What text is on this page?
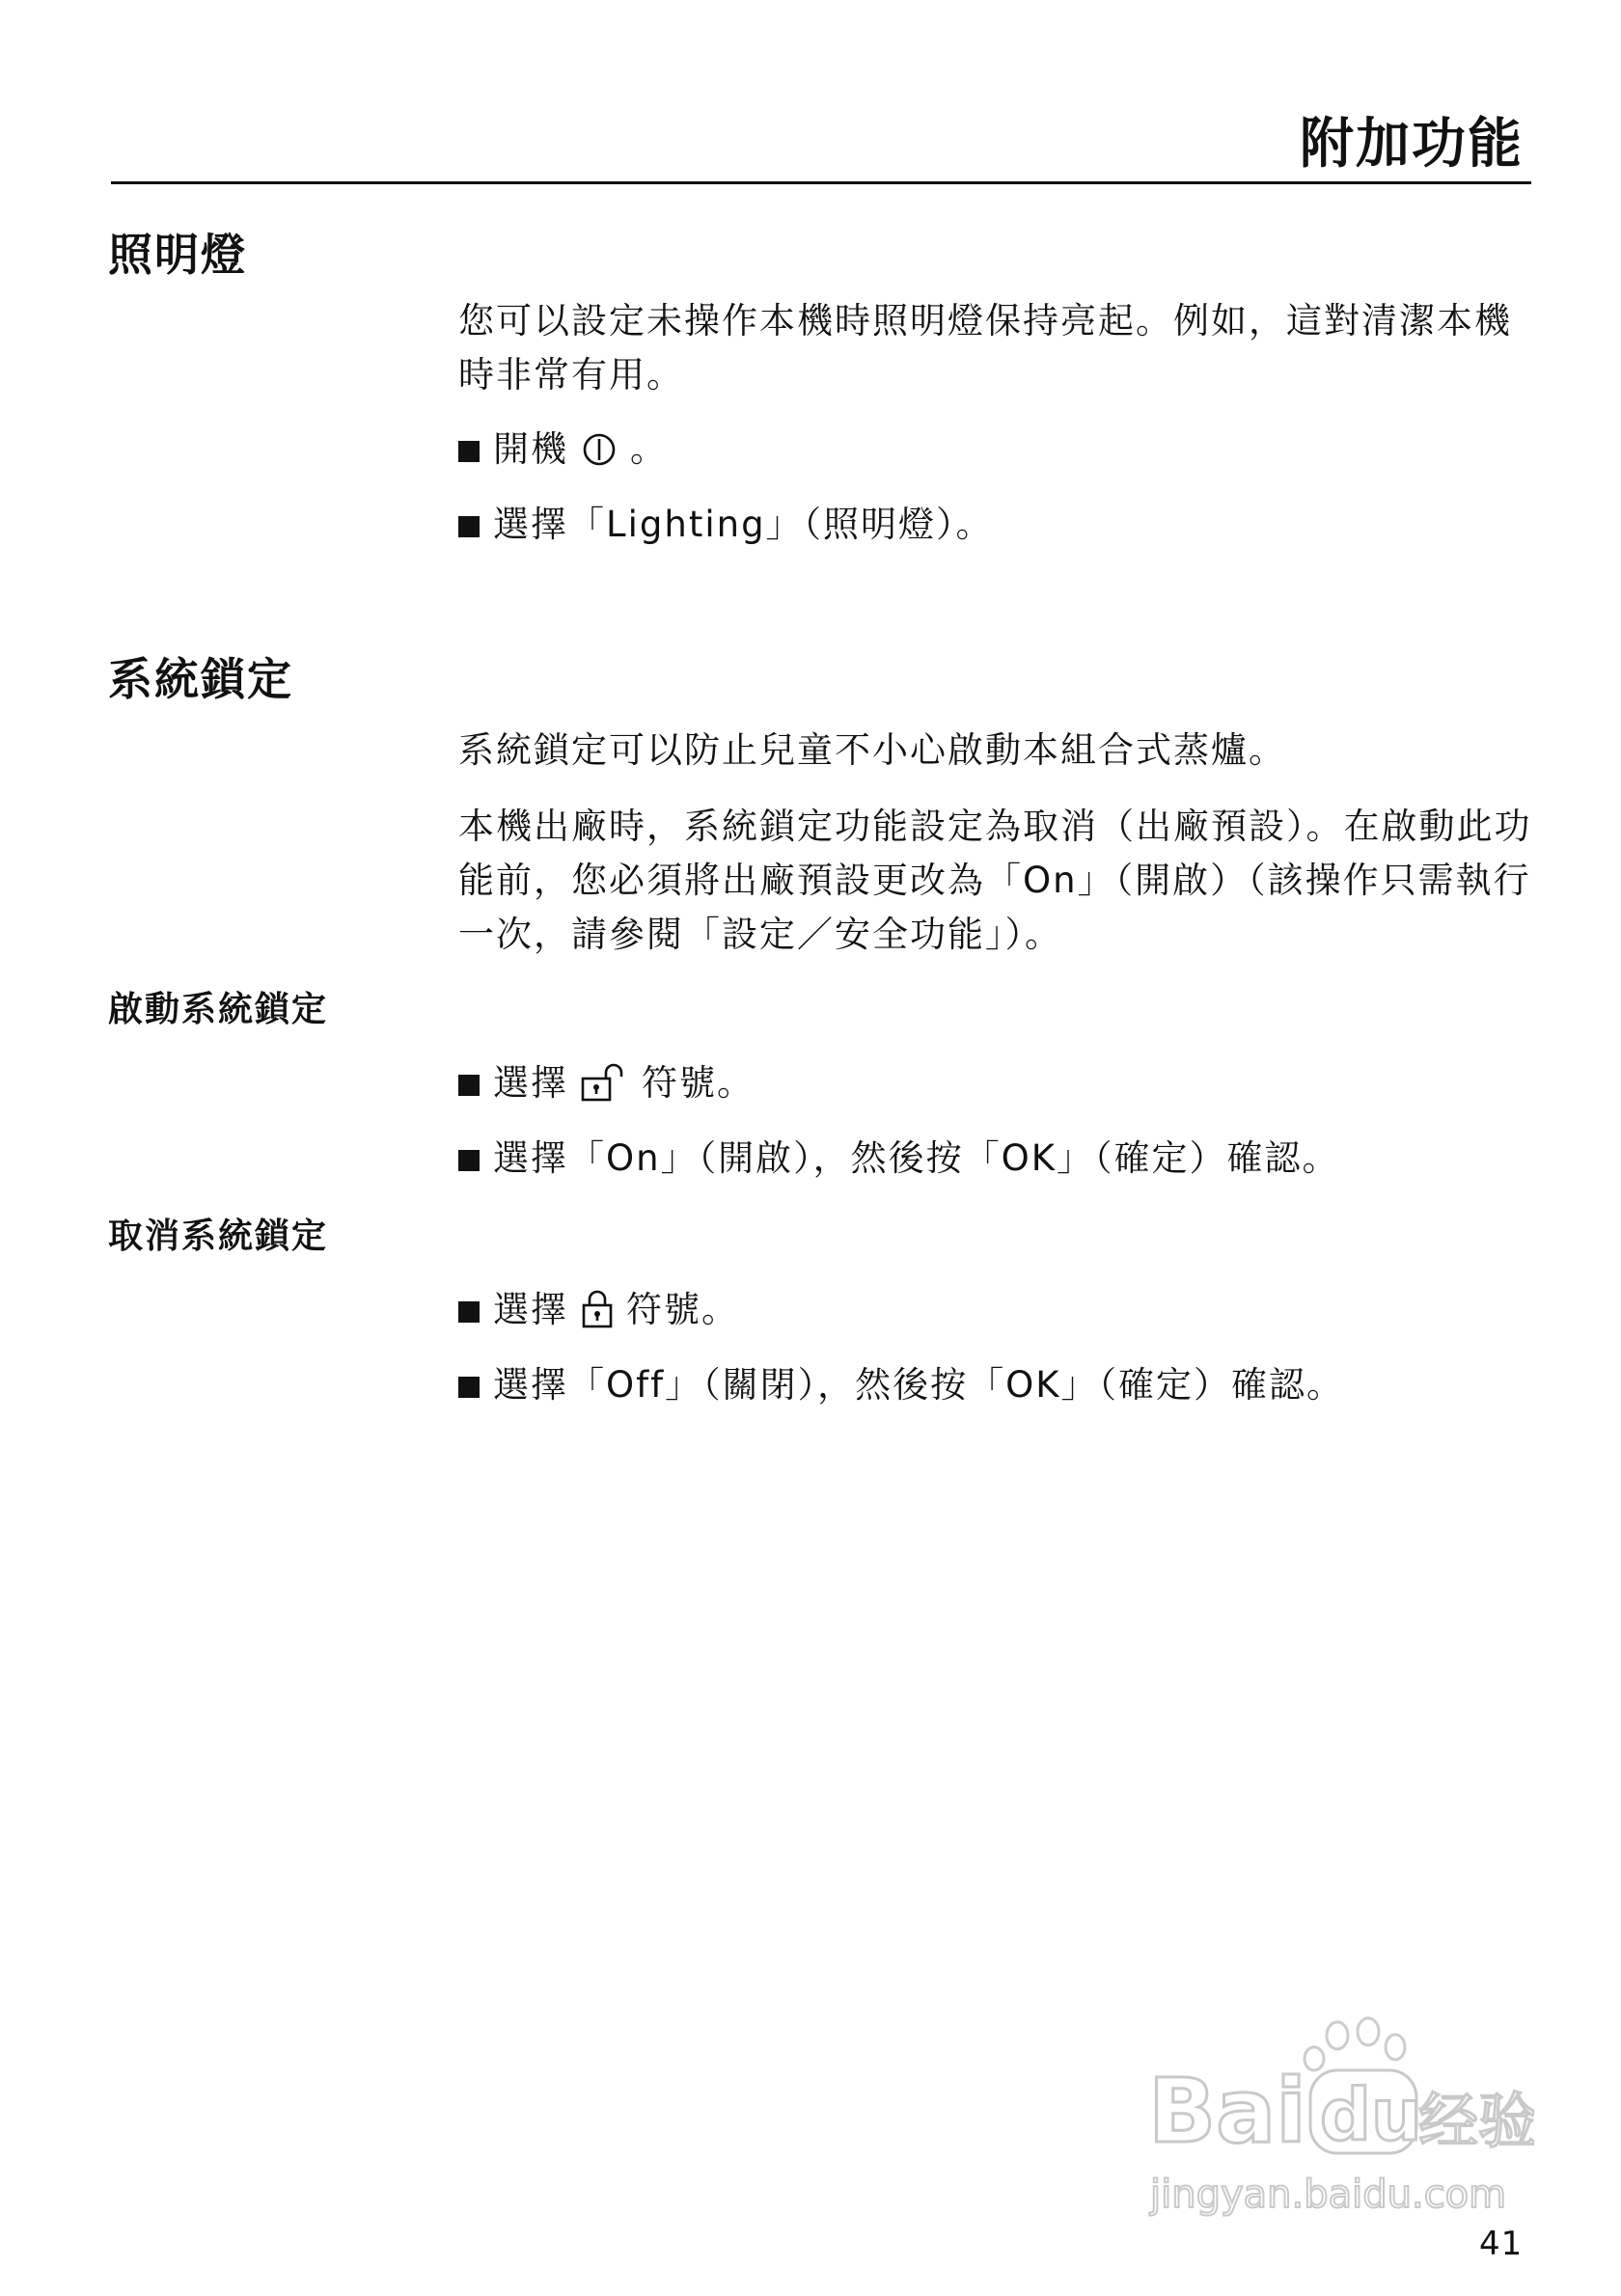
附加功能
照明燈

您可以設定未操作本機時照明燈保持亮起。例如，這對清潔本機時非常有用。

開機 。
選擇「Lighting」（照明燈）。
系統鎖定

系統鎖定可以防止兒童不小心啟動本組合式蒸爐。

本機出廠時，系統鎖定功能設定為取消（出廠預設）。在啟動此功能前，您必須將出廠預設更改為「On」（開啟）（該操作只需執行一次，請參閱「設定／安全功能」）。

啟動系統鎖定
選擇 符號。
選擇「On」（開啟），然後按「OK」（確定）確認。
取消系統鎖定
選擇 符號。
選擇「Off」（關閉），然後按「OK」（確定）確認。
Bai du
经验
jingyan.baidu.com
41
